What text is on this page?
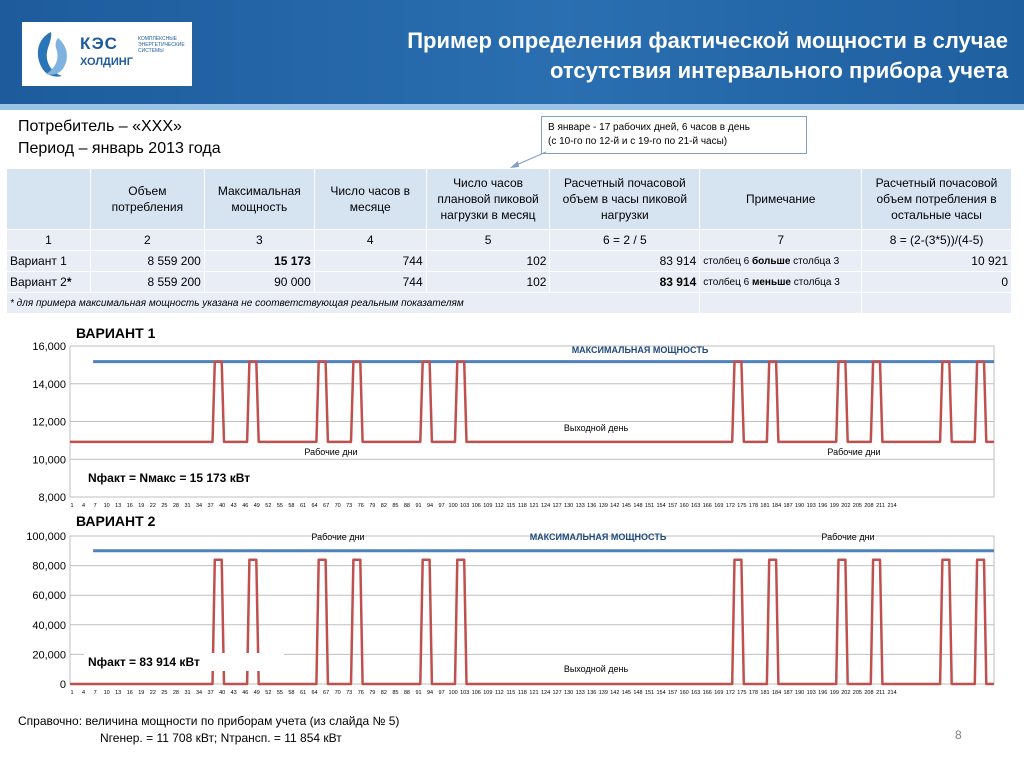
КЭС
ХОЛДИНГ
КОМПЛЕКСНЫЕ ЭНЕРГЕТИЧЕСКИЕ СИСТЕМЫ	Пример определения фактической мощности в случае
отсутствия интервального прибора учета
Потребитель – «ХХХ»
Период – январь 2013 года
В январе - 17 рабочих дней, 6 часов в день
(с 10-го по 12-й и с 19-го по 21-й часы)
	Объем потребления	Максимальная мощность	Число часов в месяце	Число часов плановой пиковой нагрузки в месяц	Расчетный почасовой объем в часы пиковой нагрузки	Примечание	Расчетный почасовой объем потребления в остальные часы
1	2	3	4	5	6 = 2 / 5	7	8 = (2-(3*5))/(4-5)
Вариант 1	8 559 200	15 173	744	102	83 914	столбец 6 больше столбца 3	10 921
Вариант 2*	8 559 200	90 000	744	102	83 914	столбец 6 меньше столбца 3	0
* для примера максимальная мощность указана не соответствующая реальным показателям							
8,000
10,000
12,000
14,000
16,000
1 4 7 10 13 16 19 22 25 28 31 34 37 40 43 46 49 52 55 58 61 64 67 70 73 76 79 82 85 88 91 94 97 100 103 106 109 112 115 118 121 124 127 130 133 136 139 142 145 148 151 154 157 160 163 166 169 172 175 178 181 184 187 190 193 196 199 202 205 208 211 214
ВАРИАНТ 1
МАКСИМАЛЬНАЯ МОЩНОСТЬ
Выходной день
Рабочие дни	Рабочие дни
Nфакт = Nмакс = 15 173 кВт
0
20,000
40,000
60,000
80,000
100,000
1 4 7 10 13 16 19 22 25 28 31 34 37 40 43 46 49 52 55 58 61 64 67 70 73 76 79 82 85 88 91 94 97 100 103 106 109 112 115 118 121 124 127 130 133 136 139 142 145 148 151 154 157 160 163 166 169 172 175 178 181 184 187 190 193 196 199 202 205 208 211 214
ВАРИАНТ 2
Рабочие дни	МАКСИМАЛЬНАЯ МОЩНОСТЬ	Рабочие дни
Выходной день
Nфакт = 83 914 кВт
Справочно: величина мощности по приборам учета (из слайда № 5)
Nгенер. = 11 708 кВт; Nтрансп. = 11 854 кВт	8
